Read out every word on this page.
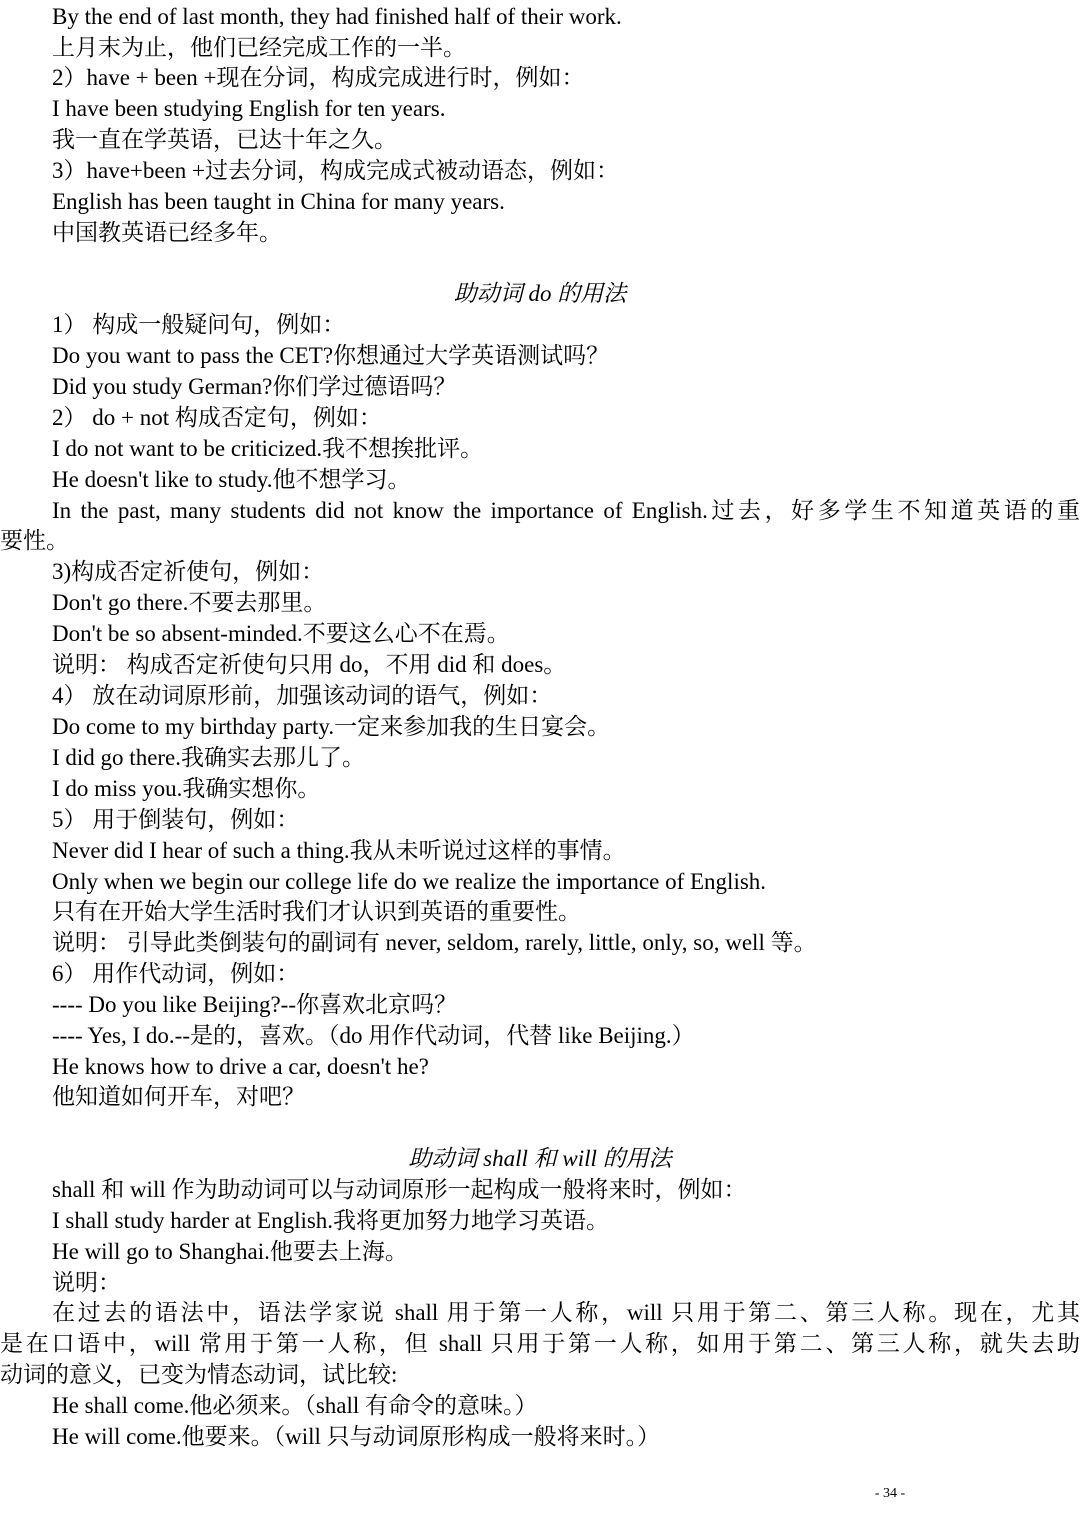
By the end of last month, they had finished half of their work.
上月末为止，他们已经完成工作的一半。
2）have + been +现在分词，构成完成进行时，例如：
I have been studying English for ten years.
我一直在学英语，已达十年之久。
3）have+been +过去分词，构成完成式被动语态，例如：
English has been taught in China for many years.
中国教英语已经多年。
助动词 do 的用法
1） 构成一般疑问句，例如：
Do you want to pass the CET?你想通过大学英语测试吗？
Did you study German?你们学过德语吗？
2） do + not 构成否定句，例如：
I do not want to be criticized.我不想挨批评。
He doesn't like to study.他不想学习。
In the past, many students did not know the importance of English.过去，好多学生不知道英语的重
要性。
3)构成否定祈使句，例如：
Don't go there.不要去那里。
Don't be so absent-minded.不要这么心不在焉。
说明： 构成否定祈使句只用 do，不用 did 和 does。
4） 放在动词原形前，加强该动词的语气，例如：
Do come to my birthday party.一定来参加我的生日宴会。
I did go there.我确实去那儿了。
I do miss you.我确实想你。
5） 用于倒装句，例如：
Never did I hear of such a thing.我从未听说过这样的事情。
Only when we begin our college life do we realize the importance of English.
只有在开始大学生活时我们才认识到英语的重要性。
说明： 引导此类倒装句的副词有 never, seldom, rarely, little, only, so, well 等。
6） 用作代动词，例如：
---- Do you like Beijing?--你喜欢北京吗？
---- Yes, I do.--是的，喜欢。（do 用作代动词，代替 like Beijing.）
He knows how to drive a car, doesn't he?
他知道如何开车，对吧？
助动词 shall 和 will 的用法
shall 和 will 作为助动词可以与动词原形一起构成一般将来时，例如：
I shall study harder at English.我将更加努力地学习英语。
He will go to Shanghai.他要去上海。
说明：
在过去的语法中，语法学家说 shall 用于第一人称，will 只用于第二、第三人称。现在，尤其
是在口语中，will 常用于第一人称，但 shall 只用于第一人称，如用于第二、第三人称，就失去助
动词的意义，已变为情态动词，试比较:
He shall come.他必须来。（shall 有命令的意味。）
He will come.他要来。（will 只与动词原形构成一般将来时。）
- 34 -
